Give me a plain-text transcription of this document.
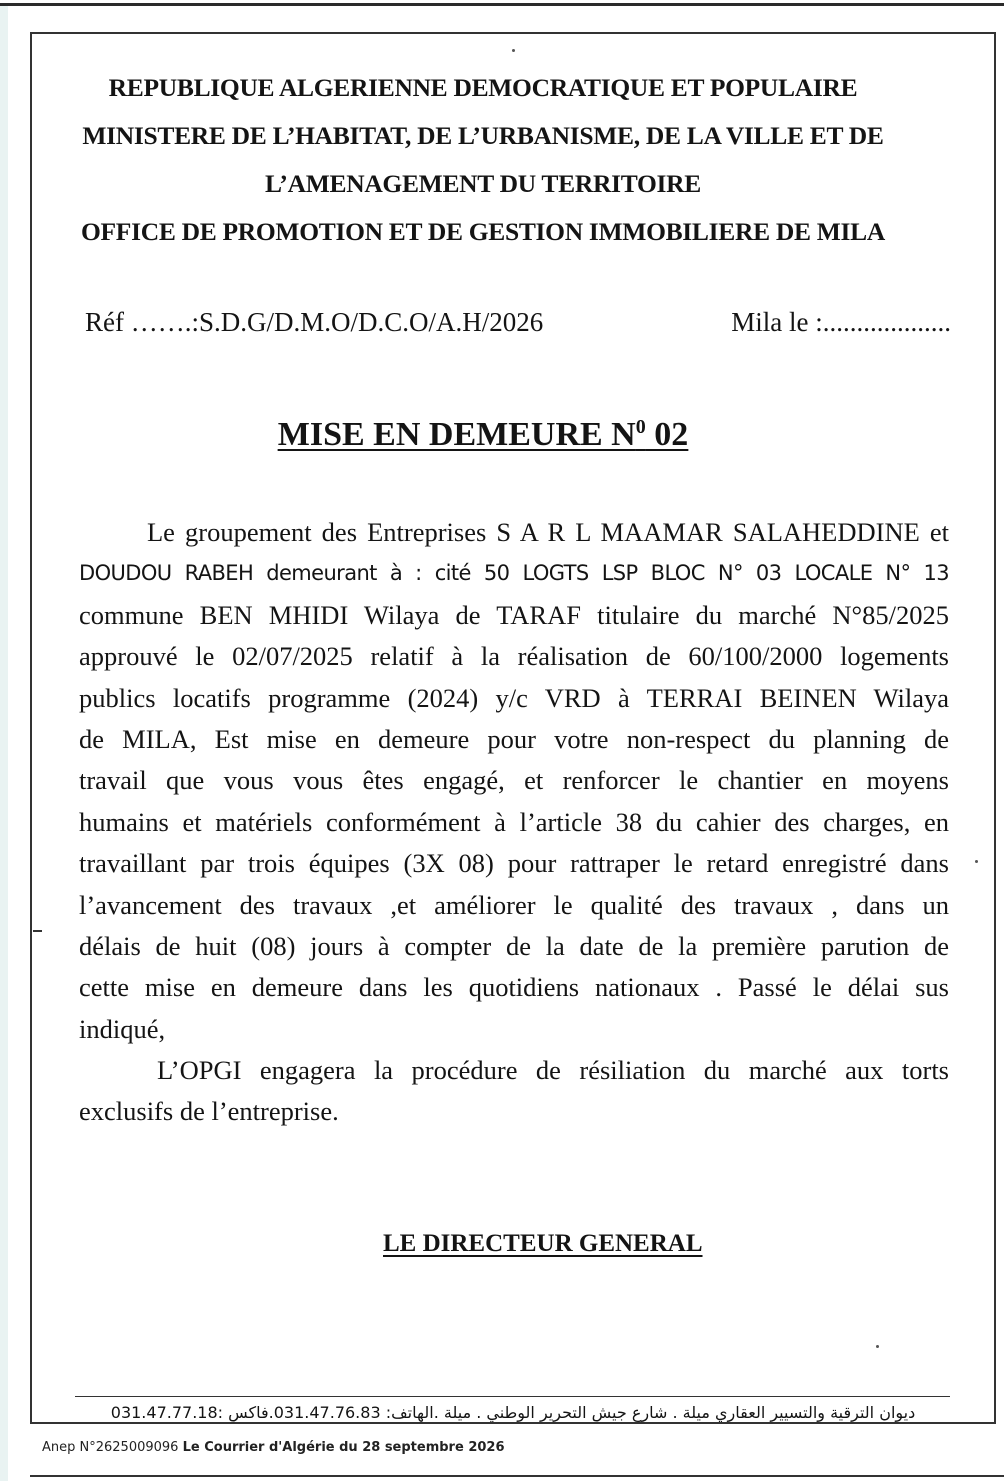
REPUBLIQUE ALGERIENNE DEMOCRATIQUE ET POPULAIRE
MINISTERE DE L’HABITAT, DE L’URBANISME, DE LA VILLE ET DE
L’AMENAGEMENT DU TERRITOIRE
OFFICE DE PROMOTION ET DE GESTION IMMOBILIERE DE MILA
Réf …….:S.D.G/D.M.O/D.C.O/A.H/2026	Mila le :...................
MISE EN DEMEURE $N^0$ 02
Le groupement des Entreprises S A R L MAAMAR SALAHEDDINE et
DOUDOU RABEH demeurant à : cité 50 LOGTS LSP BLOC N° 03 LOCALE N° 13
commune BEN MHIDI Wilaya de TARAF titulaire du marché N°85/2025
approuvé le 02/07/2025 relatif à la réalisation de 60/100/2000 logements
publics locatifs programme (2024) y/c VRD à TERRAI BEINEN Wilaya
de MILA, Est mise en demeure pour votre non-respect du planning de
travail que vous vous êtes engagé, et renforcer le chantier en moyens
humains et matériels conformément à l’article 38 du cahier des charges, en
travaillant par trois équipes (3X 08) pour rattraper le retard enregistré dans
l’avancement des travaux ,et améliorer le qualité des travaux , dans un
délais de huit (08) jours à compter de la date de la première parution de
cette mise en demeure dans les quotidiens nationaux . Passé le délai sus
indiqué,
L’OPGI engagera la procédure de résiliation du marché aux torts
exclusifs de l’entreprise.
LE DIRECTEUR GENERAL
ديوان الترقية والتسيير العقاري ميلة . شارع جيش التحرير الوطني . ميلة .الهاتف: 031.47.76.83.فاكس :031.47.77.18
Anep N°2625009096 Le Courrier d'Algérie du 28 septembre 2026
